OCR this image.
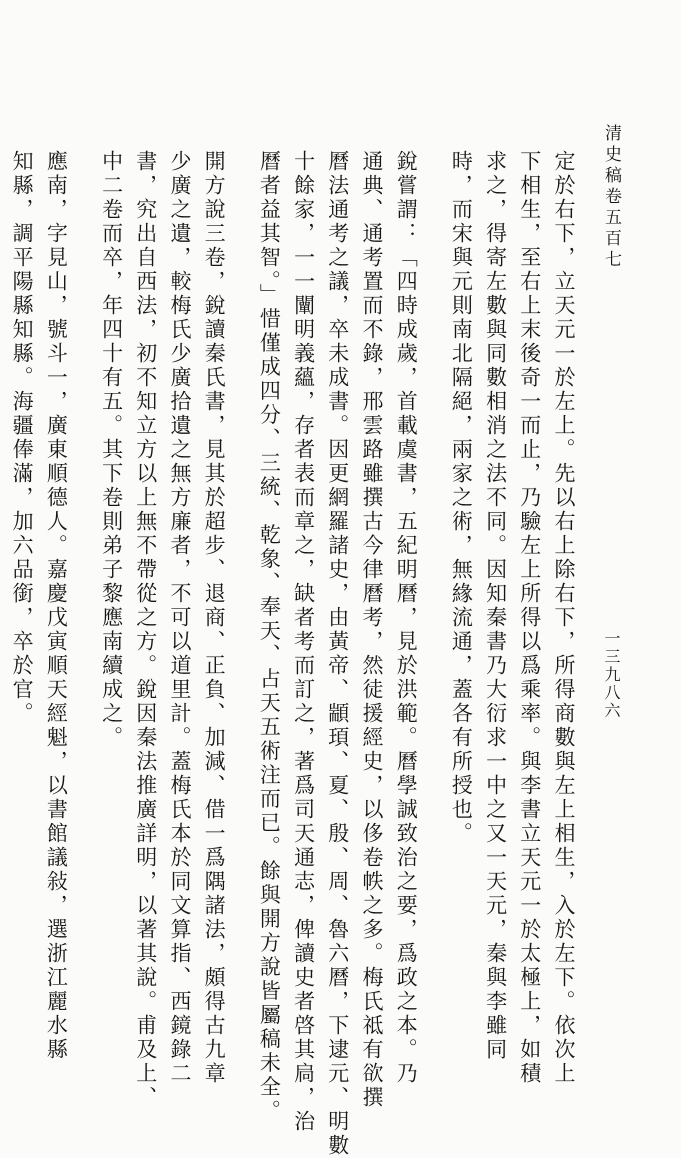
清史稿卷五百七
一三九八六
定於右下，立天元一於左上。先以右上除右下，所得商數與左上相生，入於左下。依次上
下相生，至右上末後奇一而止，乃驗左上所得以爲乘率。與李書立天元一於太極上，如積
求之，得寄左數與同數相消之法不同。因知秦書乃大衍求一中之又一天元，秦與李雖同
時，而宋與元則南北隔絕，兩家之術，無緣流通，蓋各有所授也。
銳嘗謂：「四時成歲，首載虞書，五紀明曆，見於洪範。曆學誠致治之要，爲政之本。乃
通典、通考置而不錄，邢雲路雖撰古今律曆考，然徒援經史，以侈卷帙之多。梅氏祗有欲撰
曆法通考之議，卒未成書。因更網羅諸史，由黃帝、顓頊、夏、殷、周、魯六曆，下逮元、明數
十餘家，一一闡明義蘊，存者表而章之，缺者考而訂之，著爲司天通志，俾讀史者啓其扃，治
曆者益其智。」惜僅成四分、三統、乾象、奉天、占天五術注而已。餘與開方說皆屬稿未全。
開方說三卷，銳讀秦氏書，見其於超步、退商、正負、加減、借一爲隅諸法，頗得古九章
少廣之遺，較梅氏少廣拾遺之無方廉者，不可以道里計。蓋梅氏本於同文算指、西鏡錄二
書，究出自西法，初不知立方以上無不帶從之方。銳因秦法推廣詳明，以著其說。甫及上、
中二卷而卒，年四十有五。其下卷則弟子黎應南續成之。
應南，字見山，號斗一，廣東順德人。嘉慶戊寅順天經魁，以書館議敍，選浙江麗水縣
知縣，調平陽縣知縣。海疆俸滿，加六品銜，卒於官。
